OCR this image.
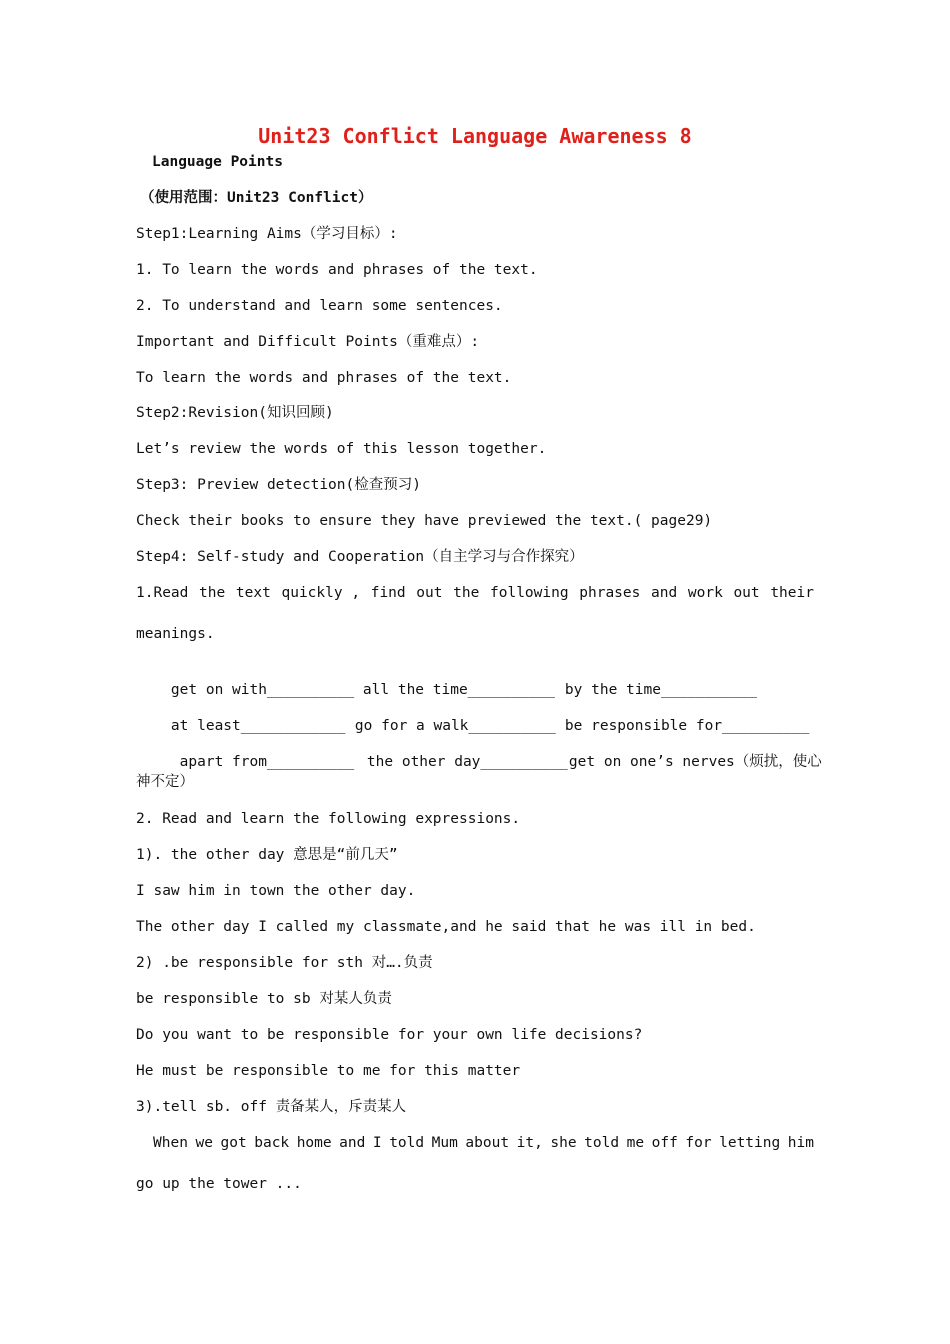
Unit23 Conflict Language Awareness 8
Language Points
（使用范围：Unit23 Conflict）
Step1:Learning Aims（学习目标）:
1. To learn the words and phrases of the text.
2. To understand and learn some sentences.
Important and Difficult Points（重难点）:
To learn the words and phrases of the text.
Step2:Revision(知识回顾)
Let’s review the words of this lesson together.
Step3: Preview detection(检查预习)
Check their books to ensure they have previewed the text.( page29)
Step4: Self-study and Cooperation（自主学习与合作探究）
1.Read the text quickly , find out the following phrases and work out their
meanings.

get on with__________ all the time__________ by the time___________

at least____________ go for a walk__________ be responsible for__________

apart from__________ the other day__________get on one’s nerves（烦扰，使心

神不定）
2. Read and learn the following expressions.
1). the other day 意思是“前几天”
I saw him in town the other day.
The other day I called my classmate,and he said that he was ill in bed.
2) .be responsible for sth 对….负责
be responsible to sb 对某人负责
Do you want to be responsible for your own life decisions?
He must be responsible to me for this matter
3).tell sb. off 责备某人，斥责某人
When we got back home and I told Mum about it, she told me off for letting him
go up the tower ...
